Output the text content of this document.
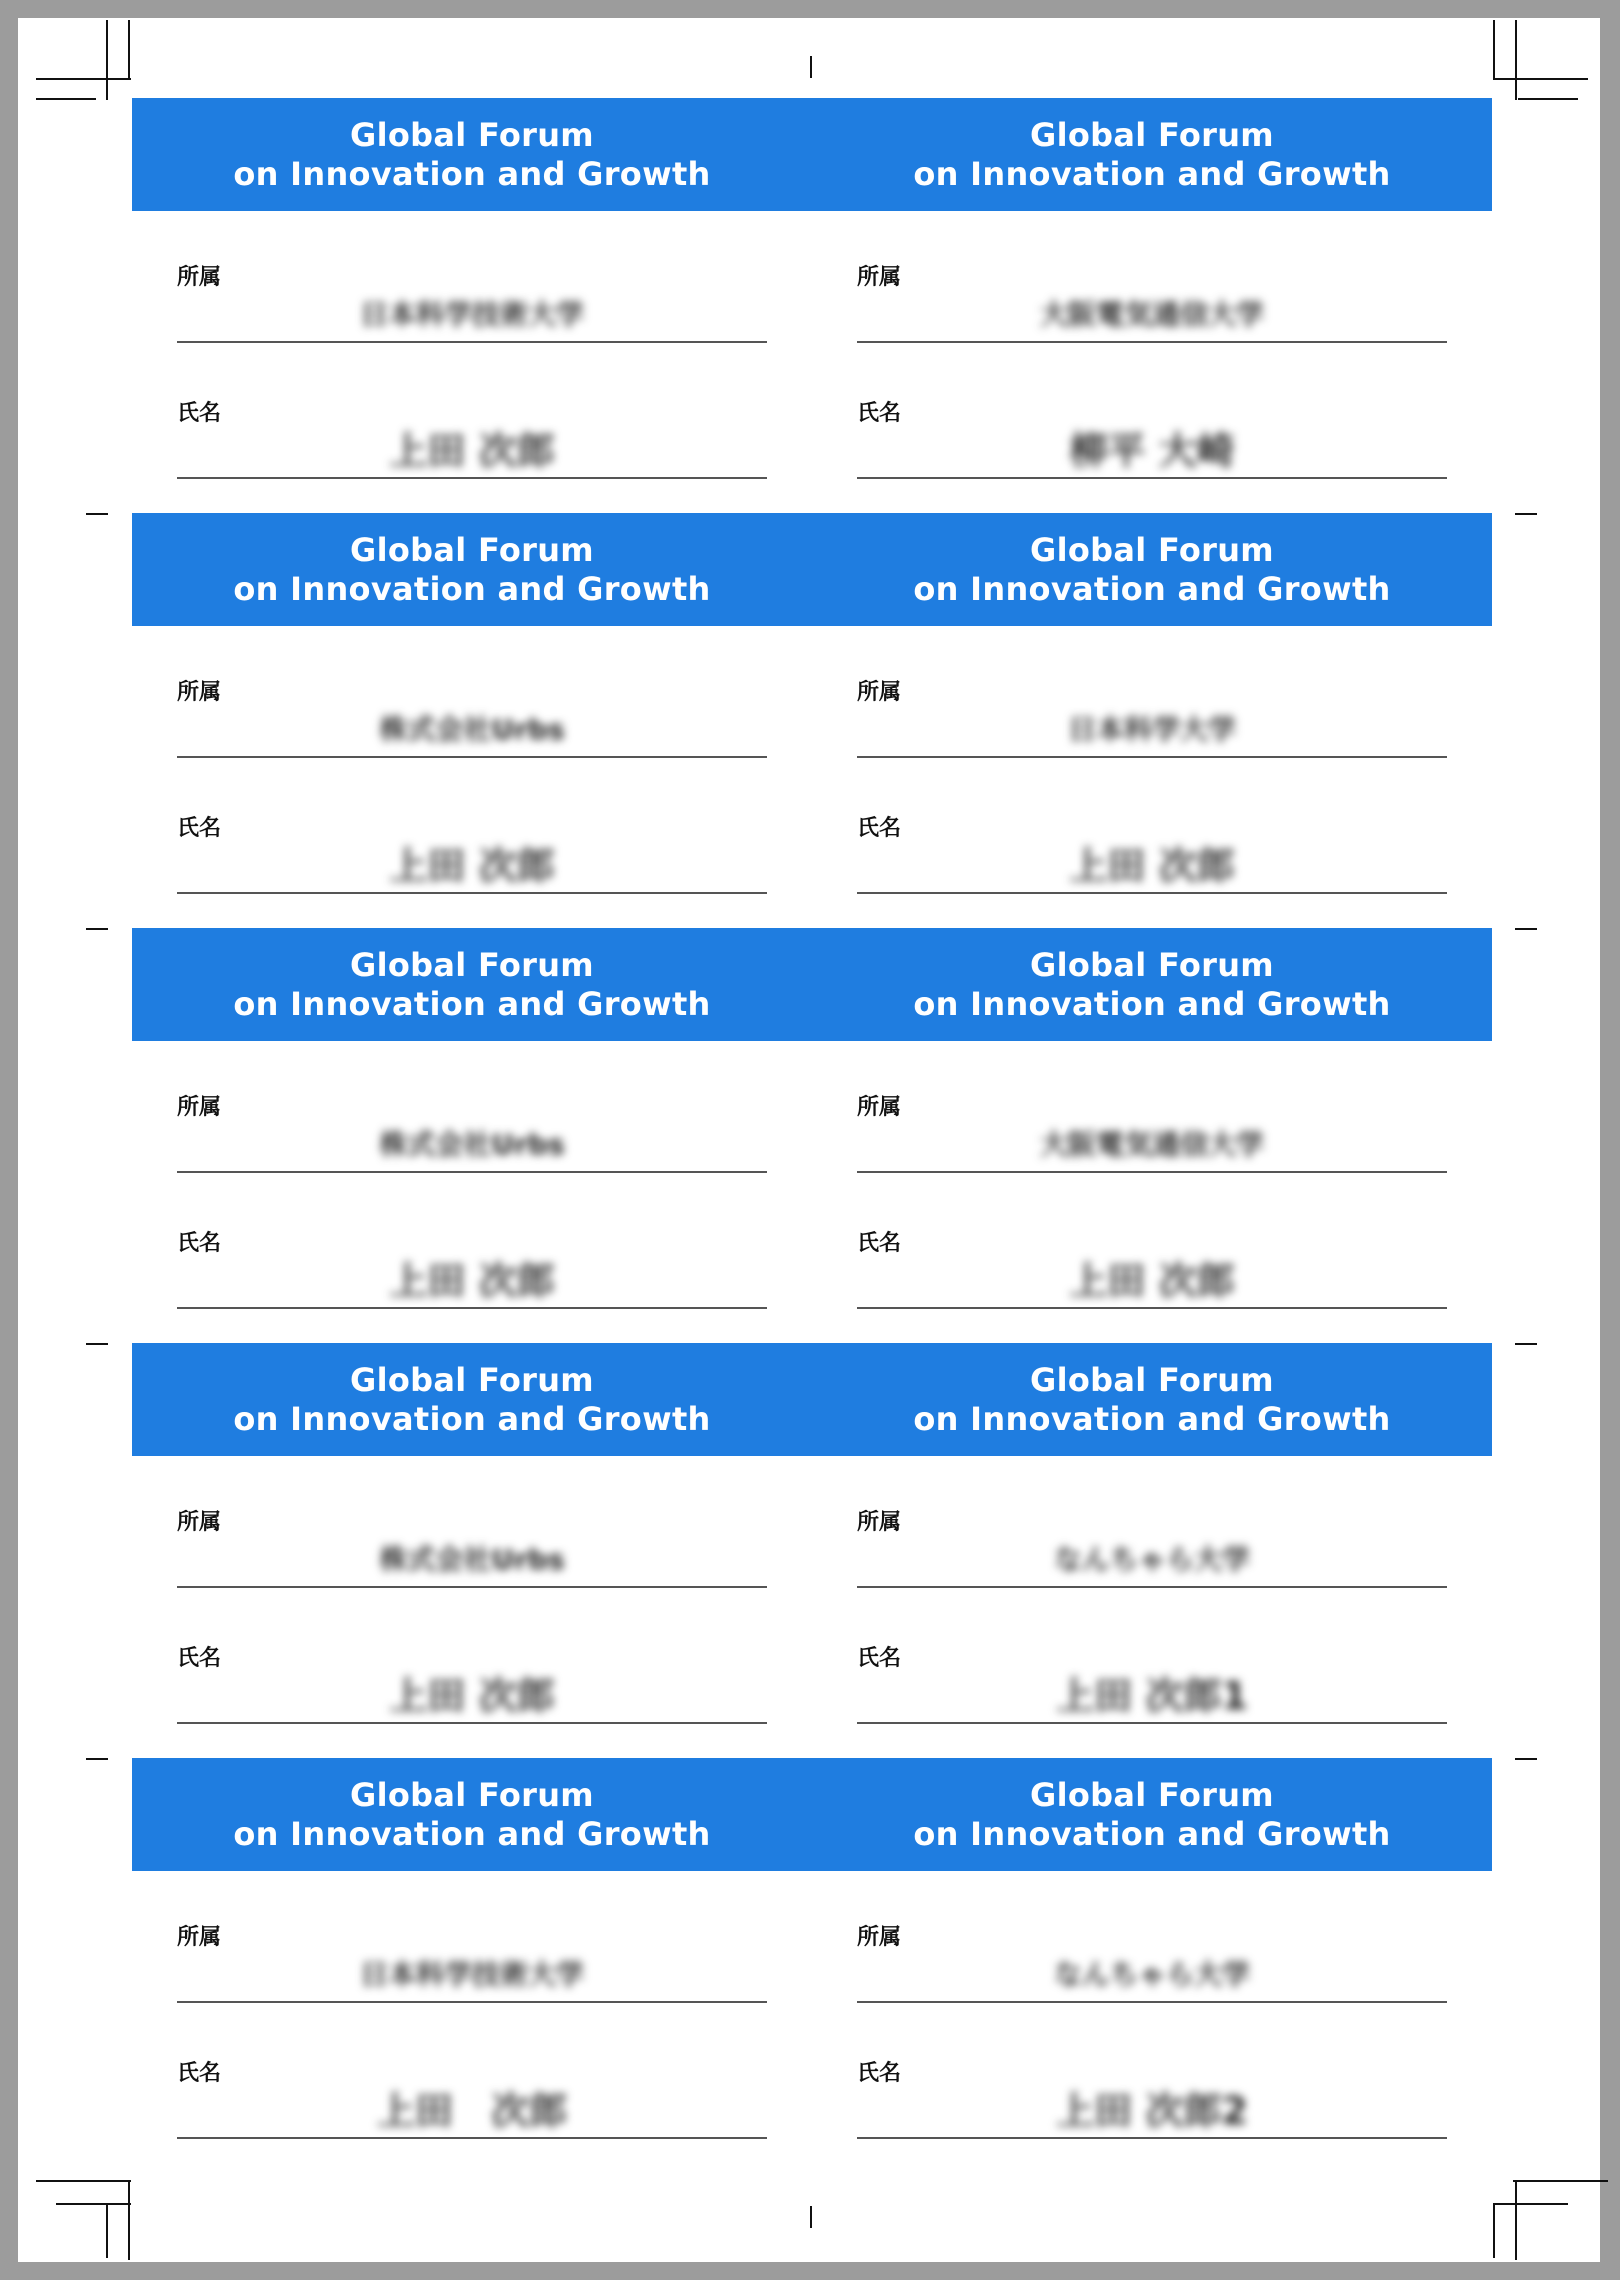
Global Forum
on Innovation and Growth
所属
日本科学技術大学
氏名
上田 次郎
Global Forum
on Innovation and Growth
所属
大阪電気通信大学
氏名
柳平 大崎
Global Forum
on Innovation and Growth
所属
株式会社Urbs
氏名
上田 次郎
Global Forum
on Innovation and Growth
所属
日本科学大学
氏名
上田 次郎
Global Forum
on Innovation and Growth
所属
株式会社Urbs
氏名
上田 次郎
Global Forum
on Innovation and Growth
所属
大阪電気通信大学
氏名
上田 次郎
Global Forum
on Innovation and Growth
所属
株式会社Urbs
氏名
上田 次郎
Global Forum
on Innovation and Growth
所属
なんちゃら大学
氏名
上田 次郎1
Global Forum
on Innovation and Growth
所属
日本科学技術大学
氏名
上田　次郎
Global Forum
on Innovation and Growth
所属
なんちゃら大学
氏名
上田 次郎2
